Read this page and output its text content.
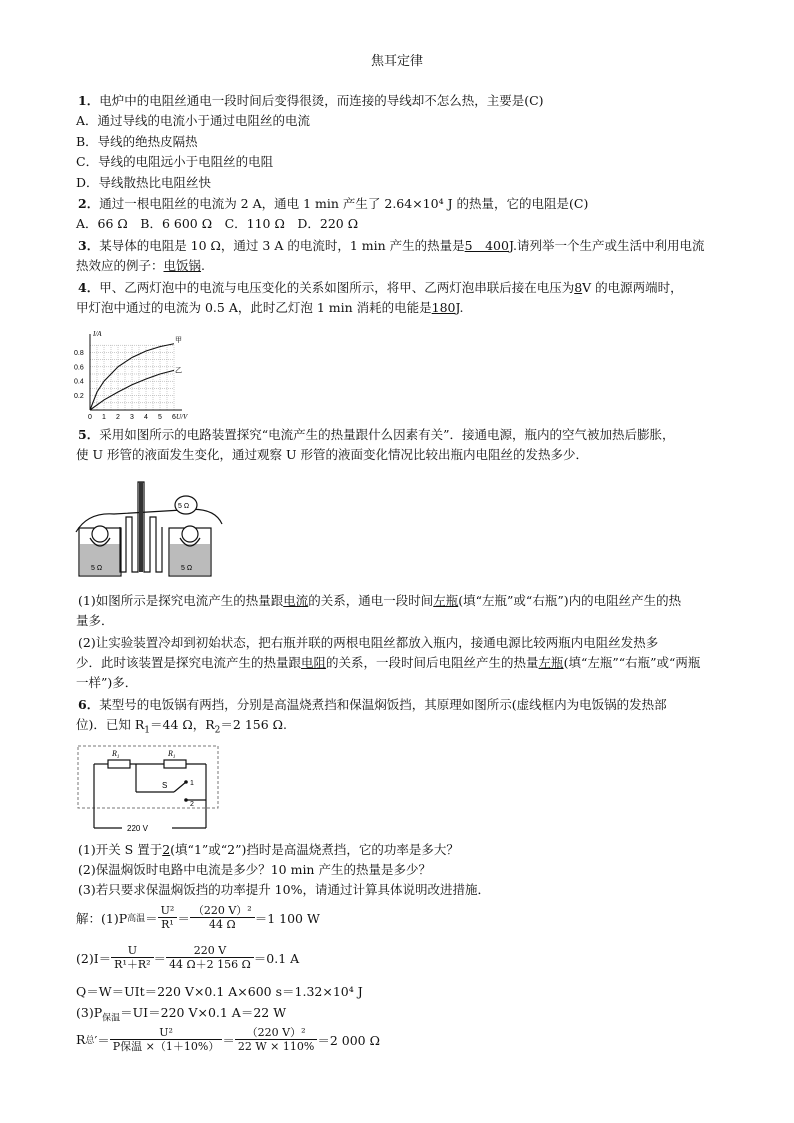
焦耳定律
1．电炉中的电阻丝通电一段时间后变得很烫，而连接的导线却不怎么热，主要是(C)
A．通过导线的电流小于通过电阻丝的电流
B．导线的绝热皮隔热
C．导线的电阻远小于电阻丝的电阻
D．导线散热比电阻丝快
2．通过一根电阻丝的电流为 2 A，通电 1 min 产生了 2.64×10⁴ J 的热量，它的电阻是(C)
A．66 Ω　B．6 600 Ω　C．110 Ω　D．220 Ω
3．某导体的电阻是 10 Ω，通过 3 A 的电流时，1 min 产生的热量是5　400J.请列举一个生产或生活中利用电流
热效应的例子：电饭锅.
4．甲、乙两灯泡中的电流与电压变化的关系如图所示，将甲、乙两灯泡串联后接在电压为8V 的电源两端时，
甲灯泡中通过的电流为 0.5 A，此时乙灯泡 1 min 消耗的电能是180J.
I/A
U/V
0 1 2 3 4 5 6
0.2
0.4
0.6
0.8
甲
乙
5．采用如图所示的电路装置探究“电流产生的热量跟什么因素有关”．接通电源，瓶内的空气被加热后膨胀，
使 U 形管的液面发生变化，通过观察 U 形管的液面变化情况比较出瓶内电阻丝的发热多少．
5 Ω	5 Ω
5 Ω
(1)如图所示是探究电流产生的热量跟电流的关系，通电一段时间左瓶(填“左瓶”或“右瓶”)内的电阻丝产生的热
量多．
(2)让实验装置冷却到初始状态，把右瓶并联的两根电阻丝都放入瓶内，接通电源比较两瓶内电阻丝发热多
少．此时该装置是探究电流产生的热量跟电阻的关系，一段时间后电阻丝产生的热量左瓶(填“左瓶”“右瓶”或“两瓶
一样”)多．
6．某型号的电饭锅有两挡，分别是高温烧煮挡和保温焖饭挡，其原理如图所示(虚线框内为电饭锅的发热部
位)．已知 $R_1=44$ Ω，$R_2=2$ 156 Ω.
$R_1$	$R_1$
S	1
2
220 V
(1)开关 S 置于2(填“1”或“2”)挡时是高温烧煮挡，它的功率是多大？
(2)保温焖饭时电路中电流是多少？10 min 产生的热量是多少？
(3)若只要求保温焖饭挡的功率提升 10%，请通过计算具体说明改进措施．
解：(1)P 高温 ＝ $\frac{\text{U²}}{\text{R¹}} = \frac{\text{（220 V）²}}{44 \Omega} =1$ 100 W
$(2)I= \frac{U}{\text{R¹＋R²}} = \frac{220 V}{44 \Omega+2 156 \Omega} =0.1$ A
Q＝W＝UIt＝220 V×0.1 A×600 s＝1.32×10⁴ J
$(3)P_{保温}=UI=220$ V×0.1 A＝22 W
R 总 ′＝ $\frac{\text{U²}}{\text{P保温 ×（1＋10\%）}} = \frac{\text{（220 V）²}}{22 W \times 110\%} =2$ 000 Ω
